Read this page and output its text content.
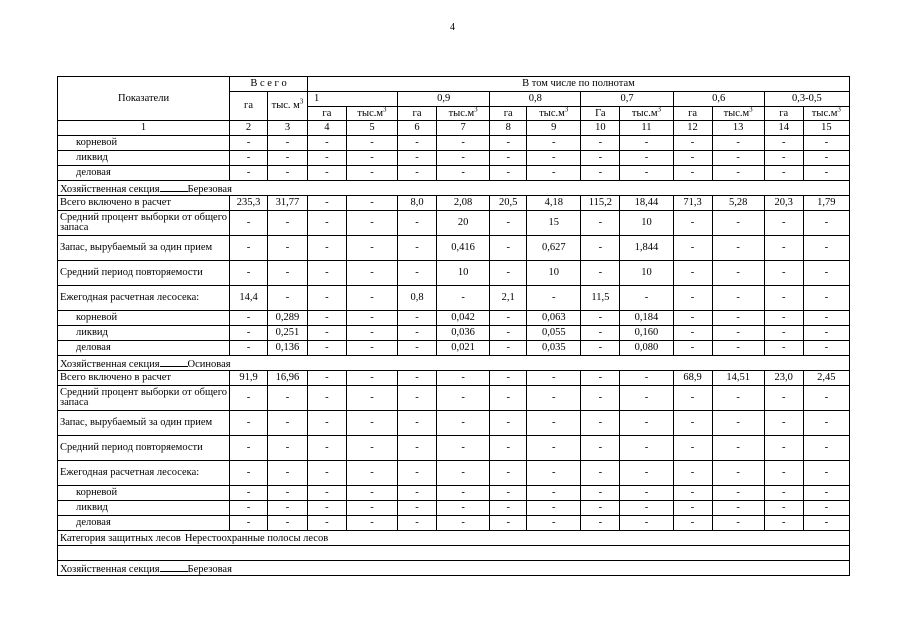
4
Показатели	В с е г о		В том числе по полнотам											
	га	тыс. $м^3$	1		0,9		0,8		0,7		0,6		0,3-0,5	
			га	$тыс.м^3$	га	$тыс.м^3$	га	$тыс.м^3$	Га	$тыс.м^3$	га	$тыс.м^3$	га	$тыс.м^3$
1	2	3	4	5	6	7	8	9	10	11	12	13	14	15
корневой	-	-	-	-	-	-	-	-	-	-	-	-	-	-
ликвид	-	-	-	-	-	-	-	-	-	-	-	-	-	-
деловая	-	-	-	-	-	-	-	-	-	-	-	-	-	-
Хозяйственная секция Березовая														
Всего включено в расчет	235,3	31,77	-	-	8,0	2,08	20,5	4,18	115,2	18,44	71,3	5,28	20,3	1,79
Средний процент выборки от общего запаса	-	-	-	-	-	20	-	15	-	10	-	-	-	-
Запас, вырубаемый за один прием	-	-	-	-	-	0,416	-	0,627	-	1,844	-	-	-	-
Средний период повторяемости	-	-	-	-	-	10	-	10	-	10	-	-	-	-
Ежегодная расчетная лесосека:	14,4	-	-	-	0,8	-	2,1	-	11,5	-	-	-	-	-
корневой	-	0,289	-	-	-	0,042	-	0,063	-	0,184	-	-	-	-
ликвид	-	0,251	-	-	-	0,036	-	0,055	-	0,160	-	-	-	-
деловая	-	0,136	-	-	-	0,021	-	0,035	-	0,080	-	-	-	-
Хозяйственная секция Осиновая														
Всего включено в расчет	91,9	16,96	-	-	-	-	-	-	-	-	68,9	14,51	23,0	2,45
Средний процент выборки от общего запаса	-	-	-	-	-	-	-	-	-	-	-	-	-	-
Запас, вырубаемый за один прием	-	-	-	-	-	-	-	-	-	-	-	-	-	-
Средний период повторяемости	-	-	-	-	-	-	-	-	-	-	-	-	-	-
Ежегодная расчетная лесосека:	-	-	-	-	-	-	-	-	-	-	-	-	-	-
корневой	-	-	-	-	-	-	-	-	-	-	-	-	-	-
ликвид	-	-	-	-	-	-	-	-	-	-	-	-	-	-
деловая	-	-	-	-	-	-	-	-	-	-	-	-	-	-
Категория защитных лесов Нерестоохранные полосы лесов														

Хозяйственная секция Березовая														
